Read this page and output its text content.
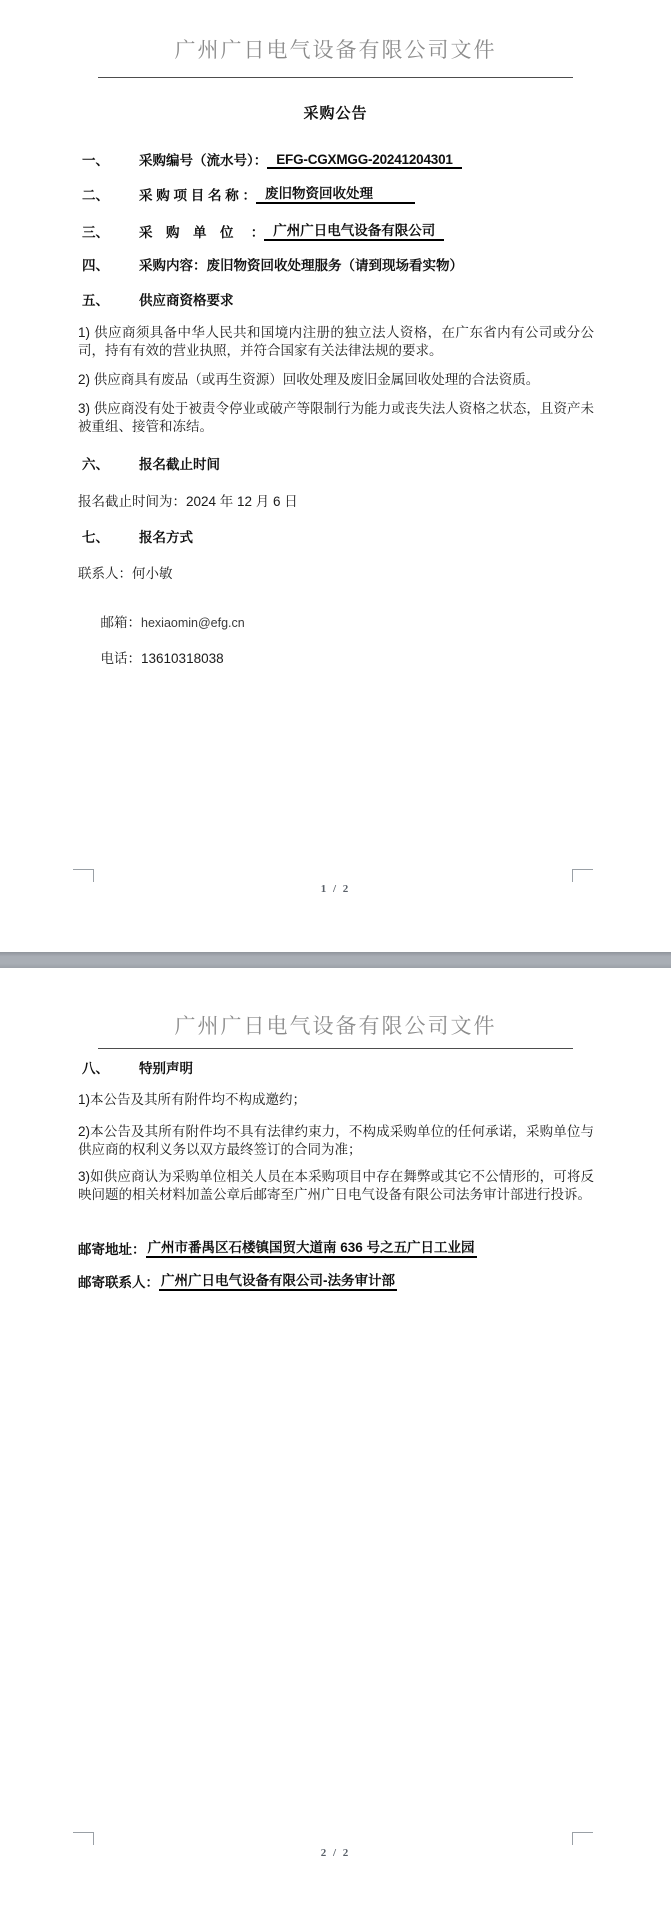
广州广日电气设备有限公司文件
采购公告
一、	采购编号（流水号）： EFG-CGXMGG-20241204301
二、	采 购 项 目 名 称 ： 废旧物资回收处理
三、	采　购　单　位　 ： 广州广日电气设备有限公司
四、	采购内容：废旧物资回收处理服务（请到现场看实物）
五、	供应商资格要求

1) 供应商须具备中华人民共和国境内注册的独立法人资格，在广东省内有公司或分公司，持有有效的营业执照，并符合国家有关法律法规的要求。

2) 供应商具有废品（或再生资源）回收处理及废旧金属回收处理的合法资质。

3) 供应商没有处于被责令停业或破产等限制行为能力或丧失法人资格之状态，且资产未被重组、接管和冻结。

六、	报名截止时间
报名截止时间为：2024 年 12 月 6 日
七、	报名方式
联系人：何小敏

邮箱：hexiaomin@efg.cn

电话：13610318038

1 / 2
广州广日电气设备有限公司文件
八、	特别声明

1)本公告及其所有附件均不构成邀约；

2)本公告及其所有附件均不具有法律约束力，不构成采购单位的任何承诺，采购单位与供应商的权利义务以双方最终签订的合同为准；

3)如供应商认为采购单位相关人员在本采购项目中存在舞弊或其它不公情形的，可将反映问题的相关材料加盖公章后邮寄至广州广日电气设备有限公司法务审计部进行投诉。

邮寄地址： 广州市番禺区石楼镇国贸大道南 636 号之五广日工业园
邮寄联系人： 广州广日电气设备有限公司-法务审计部
2 / 2
